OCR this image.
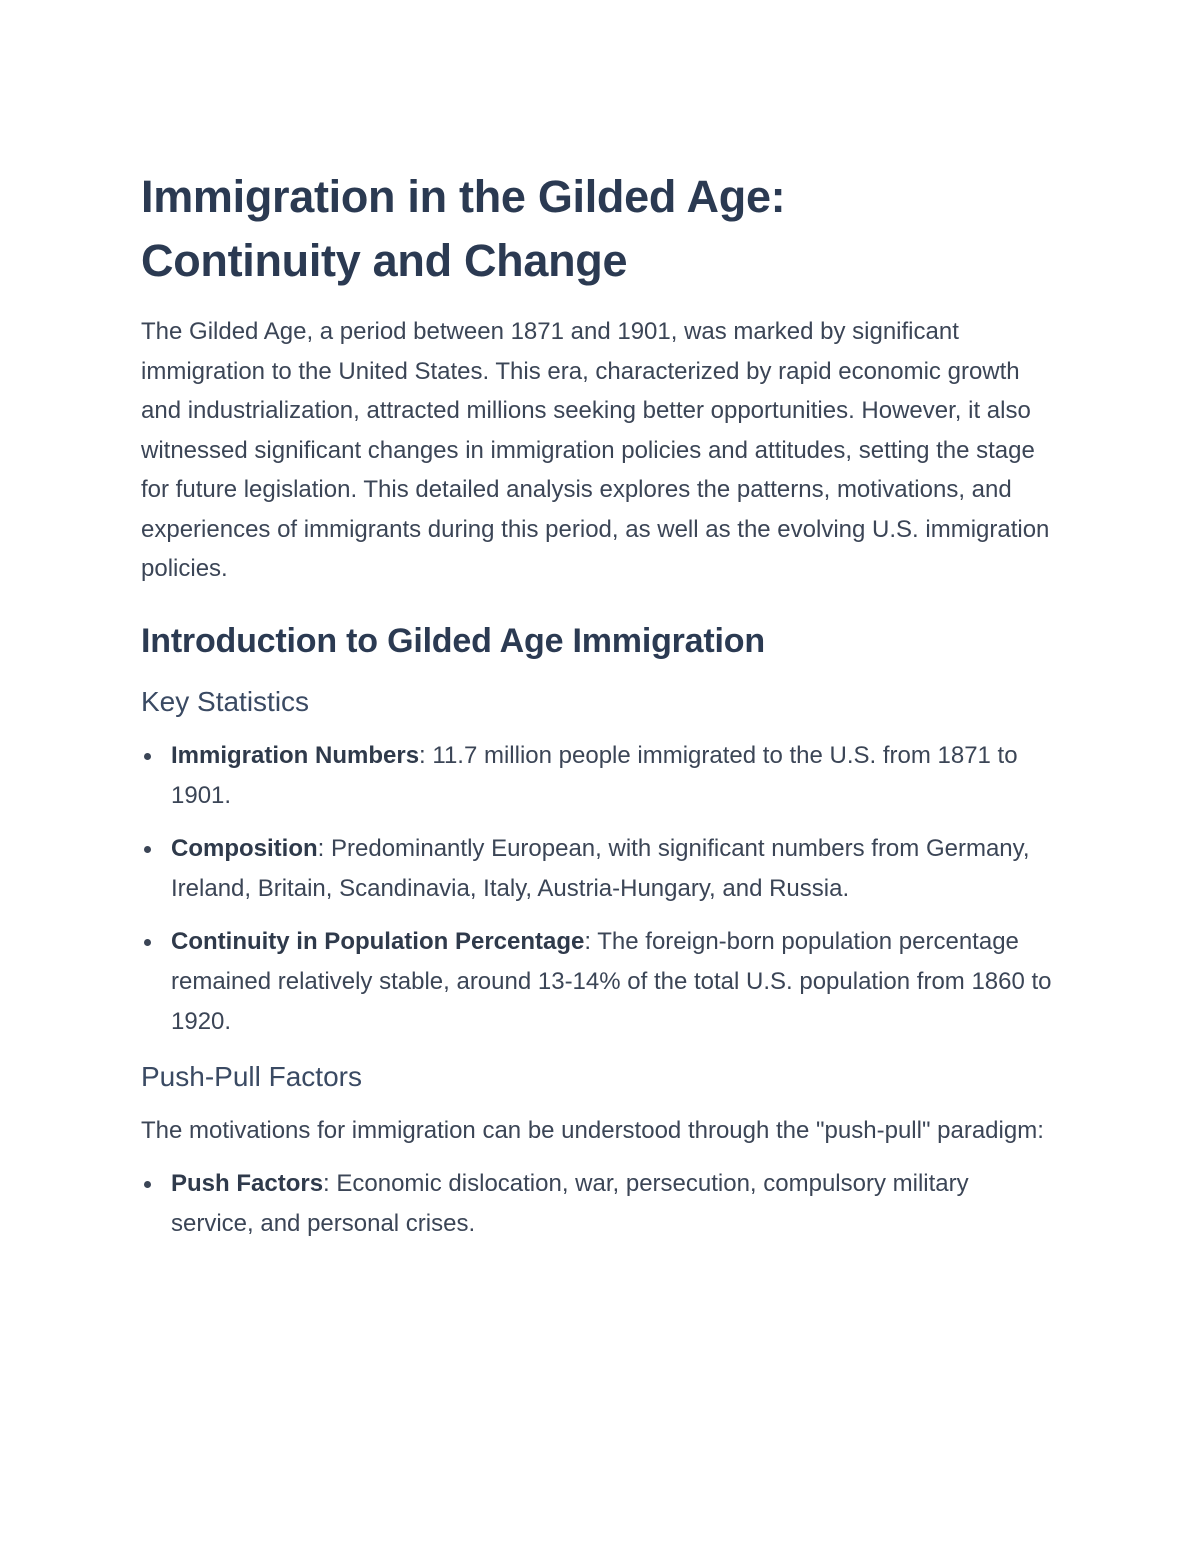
Immigration in the Gilded Age:
Continuity and Change

The Gilded Age, a period between 1871 and 1901, was marked by significant immigration to the United States. This era, characterized by rapid economic growth and industrialization, attracted millions seeking better opportunities. However, it also witnessed significant changes in immigration policies and attitudes, setting the stage for future legislation. This detailed analysis explores the patterns, motivations, and experiences of immigrants during this period, as well as the evolving U.S. immigration policies.

Introduction to Gilded Age Immigration
Key Statistics
Immigration Numbers: 11.7 million people immigrated to the U.S. from 1871 to 1901.
Composition: Predominantly European, with significant numbers from Germany, Ireland, Britain, Scandinavia, Italy, Austria-Hungary, and Russia.
Continuity in Population Percentage: The foreign-born population percentage remained relatively stable, around 13-14% of the total U.S. population from 1860 to 1920.
Push-Pull Factors

The motivations for immigration can be understood through the "push-pull" paradigm:

Push Factors: Economic dislocation, war, persecution, compulsory military service, and personal crises.
